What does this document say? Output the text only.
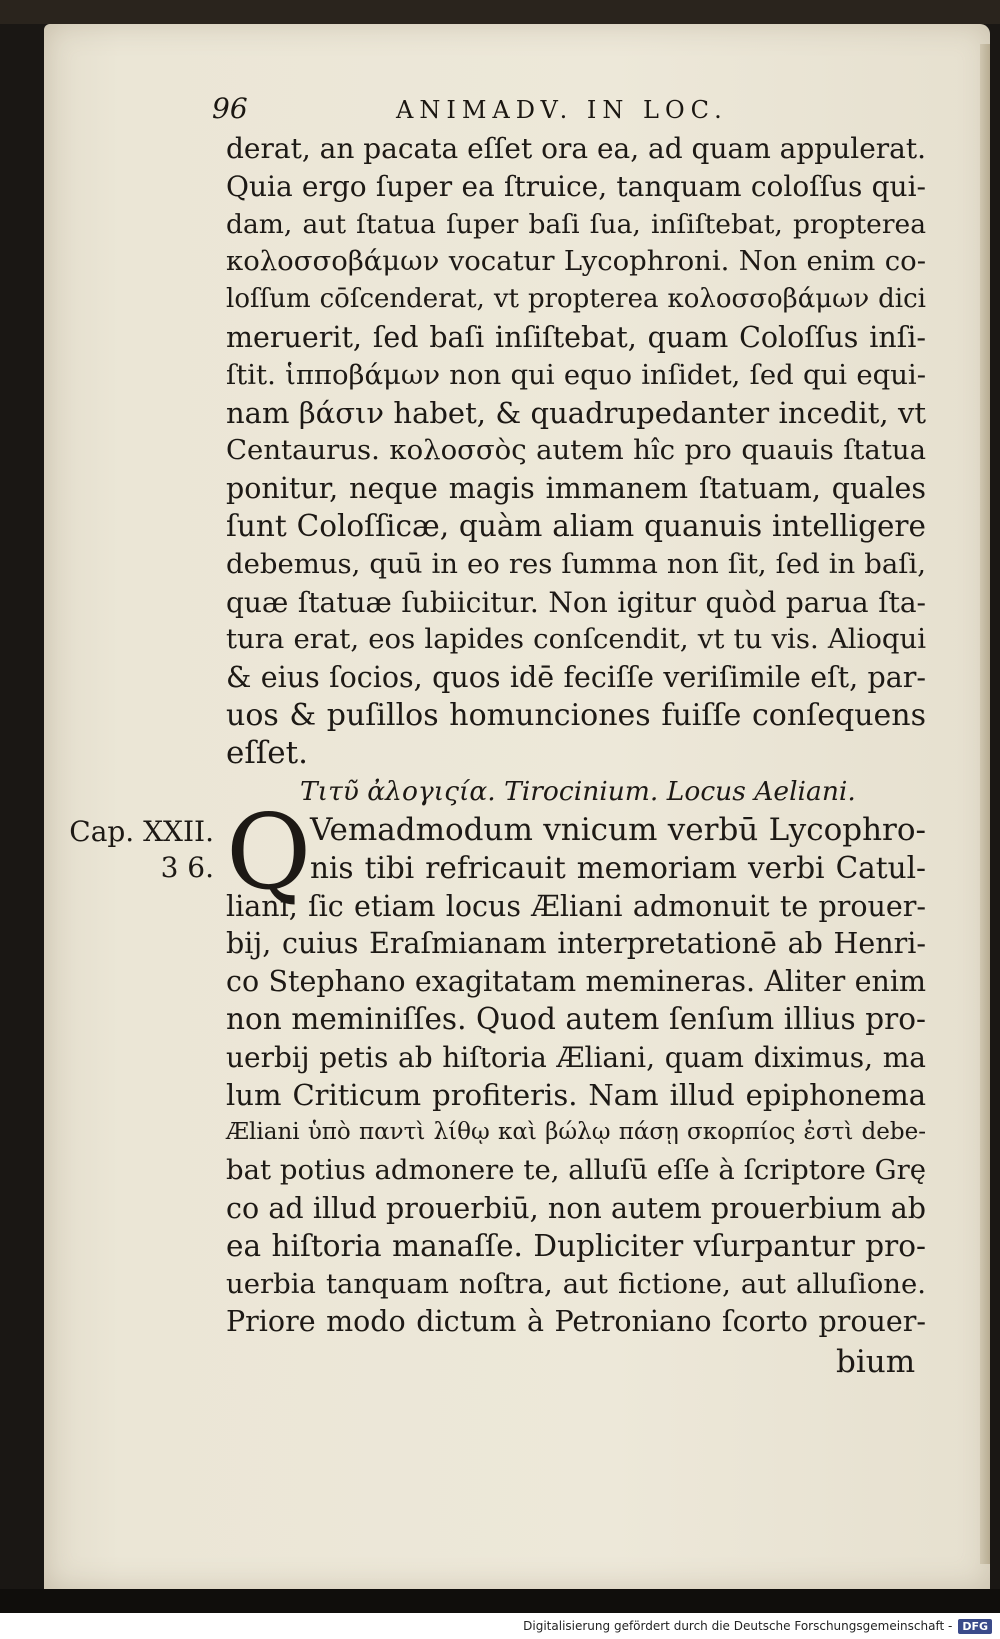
96	ANIMADV. IN LOC.
derat, an pacata eſſet ora ea, ad quam appulerat.
Quia ergo ſuper ea ſtruice, tanquam coloſſus qui-
dam, aut ſtatua ſuper baſi ſua, inſiſtebat, propterea
κολοσσοβάμων vocatur Lycophroni. Non enim co-
loſſum cōſcenderat, vt propterea κολοσσοβάμων dici
meruerit, ſed baſi inſiſtebat, quam Coloſſus inſi-
ſtit. ἱπποβάμων non qui equo inſidet, ſed qui equi-
nam βάσιν habet, & quadrupedanter incedit, vt
Centaurus. κολοσσὸς autem hîc pro quauis ſtatua
ponitur, neque magis immanem ſtatuam, quales
ſunt Coloſſicæ, quàm aliam quanuis intelligere
debemus, quū in eo res ſumma non ſit, ſed in baſi,
quæ ſtatuæ ſubiicitur. Non igitur quòd parua ſta-
tura erat, eos lapides conſcendit, vt tu vis. Alioqui
& eius ſocios, quos idē feciſſe veriſimile eſt, par-
uos & puſillos homunciones fuiſſe conſequens
eſſet.
Τιτῦ ἀλογιςία. Tirocinium. Locus Aeliani.
Cap. XXII.
3 6. Q
Vemadmodum vnicum verbū Lycophro-
nis tibi refricauit memoriam verbi Catul-
liani, ſic etiam locus Æliani admonuit te prouer-
bij, cuius Eraſmianam interpretationē ab Henri-
co Stephano exagitatam memineras. Aliter enim
non meminiſſes. Quod autem ſenſum illius pro-
uerbij petis ab hiſtoria Æliani, quam diximus, ma
lum Criticum profiteris. Nam illud epiphonema
Æliani ὑπὸ παντὶ λίθῳ καὶ βώλῳ πάσῃ σκορπίος ἐστὶ debe-
bat potius admonere te, alluſū eſſe à ſcriptore Grę
co ad illud prouerbiū, non autem prouerbium ab
ea hiſtoria manaſſe. Dupliciter vſurpantur pro-
uerbia tanquam noſtra, aut fictione, aut alluſione.
Priore modo dictum à Petroniano ſcorto prouer-
bium
Digitalisierung gefördert durch die Deutsche Forschungsgemeinschaft - DFG
